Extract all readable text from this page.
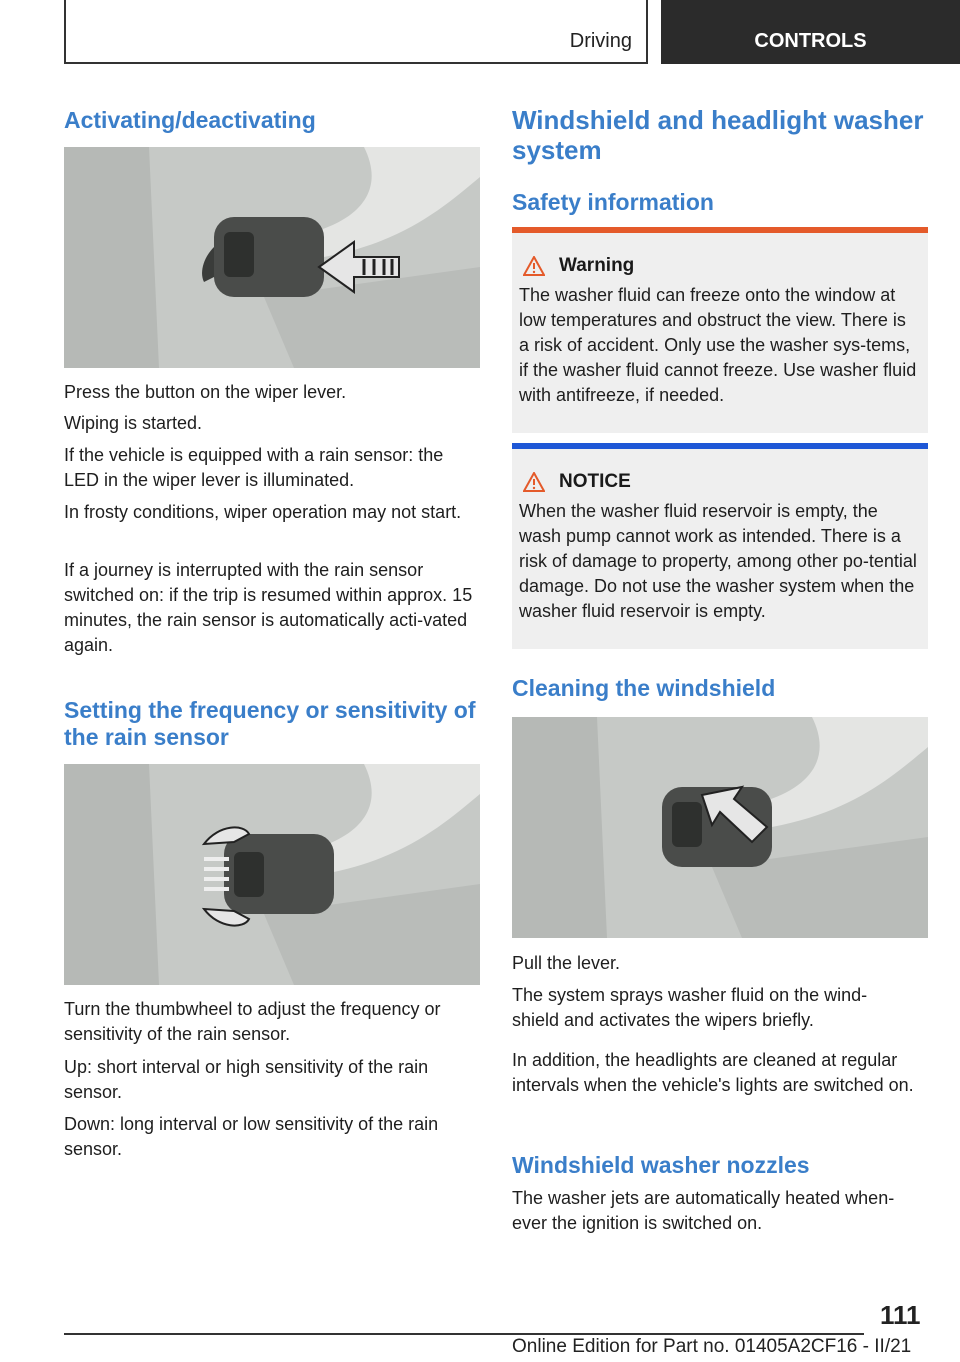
Driving	CONTROLS
Activating/deactivating

Press the button on the wiper lever.

Wiping is started.

If the vehicle is equipped with a rain sensor: the LED in the wiper lever is illuminated.

In frosty conditions, wiper operation may not start.

If a journey is interrupted with the rain sensor switched on: if the trip is resumed within approx. 15 minutes, the rain sensor is automatically acti-vated again.

Setting the frequency or sensitivity of the rain sensor

Turn the thumbwheel to adjust the frequency or sensitivity of the rain sensor.

Up: short interval or high sensitivity of the rain sensor.

Down: long interval or low sensitivity of the rain sensor.

Windshield and headlight washer system
Safety information
Warning

The washer fluid can freeze onto the window at low temperatures and obstruct the view. There is a risk of accident. Only use the washer sys-tems, if the washer fluid cannot freeze. Use washer fluid with antifreeze, if needed.

NOTICE

When the washer fluid reservoir is empty, the wash pump cannot work as intended. There is a risk of damage to property, among other po-tential damage. Do not use the washer system when the washer fluid reservoir is empty.

Cleaning the windshield

Pull the lever.

The system sprays washer fluid on the wind-shield and activates the wipers briefly.

In addition, the headlights are cleaned at regular intervals when the vehicle's lights are switched on.

Windshield washer nozzles

The washer jets are automatically heated when-ever the ignition is switched on.

111
Online Edition for Part no. 01405A2CF16 - II/21
